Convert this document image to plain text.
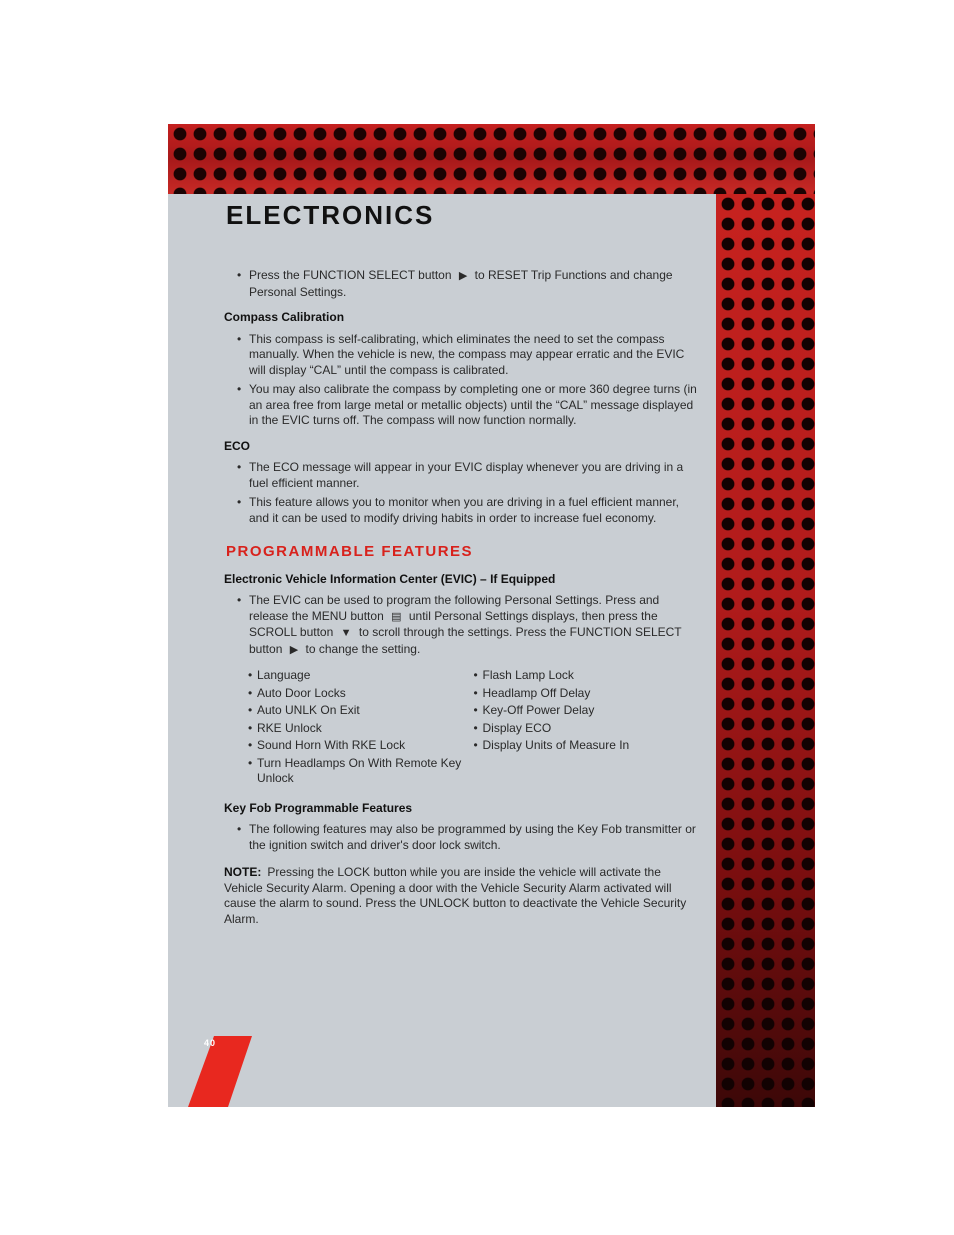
ELECTRONICS
• Press the FUNCTION SELECT button ▶ to RESET Trip Functions and change Personal Settings.
Compass Calibration
• This compass is self-calibrating, which eliminates the need to set the compass manually. When the vehicle is new, the compass may appear erratic and the EVIC will display “CAL” until the compass is calibrated.
• You may also calibrate the compass by completing one or more 360 degree turns (in an area free from large metal or metallic objects) until the “CAL” message displayed in the EVIC turns off. The compass will now function normally.
ECO
• The ECO message will appear in your EVIC display whenever you are driving in a fuel efficient manner.
• This feature allows you to monitor when you are driving in a fuel efficient manner, and it can be used to modify driving habits in order to increase fuel economy.
PROGRAMMABLE FEATURES
Electronic Vehicle Information Center (EVIC) – If Equipped
• The EVIC can be used to program the following Personal Settings. Press and release the MENU button ▤ until Personal Settings displays, then press the SCROLL button ▼ to scroll through the settings. Press the FUNCTION SELECT button ▶ to change the setting.
• Language
• Auto Door Locks
• Auto UNLK On Exit
• RKE Unlock
• Sound Horn With RKE Lock
• Turn Headlamps On With Remote Key Unlock
• Flash Lamp Lock
• Headlamp Off Delay
• Key-Off Power Delay
• Display ECO
• Display Units of Measure In
Key Fob Programmable Features
• The following features may also be programmed by using the Key Fob transmitter or the ignition switch and driver's door lock switch.

NOTE: Pressing the LOCK button while you are inside the vehicle will activate the Vehicle Security Alarm. Opening a door with the Vehicle Security Alarm activated will cause the alarm to sound. Press the UNLOCK button to deactivate the Vehicle Security Alarm.

40
